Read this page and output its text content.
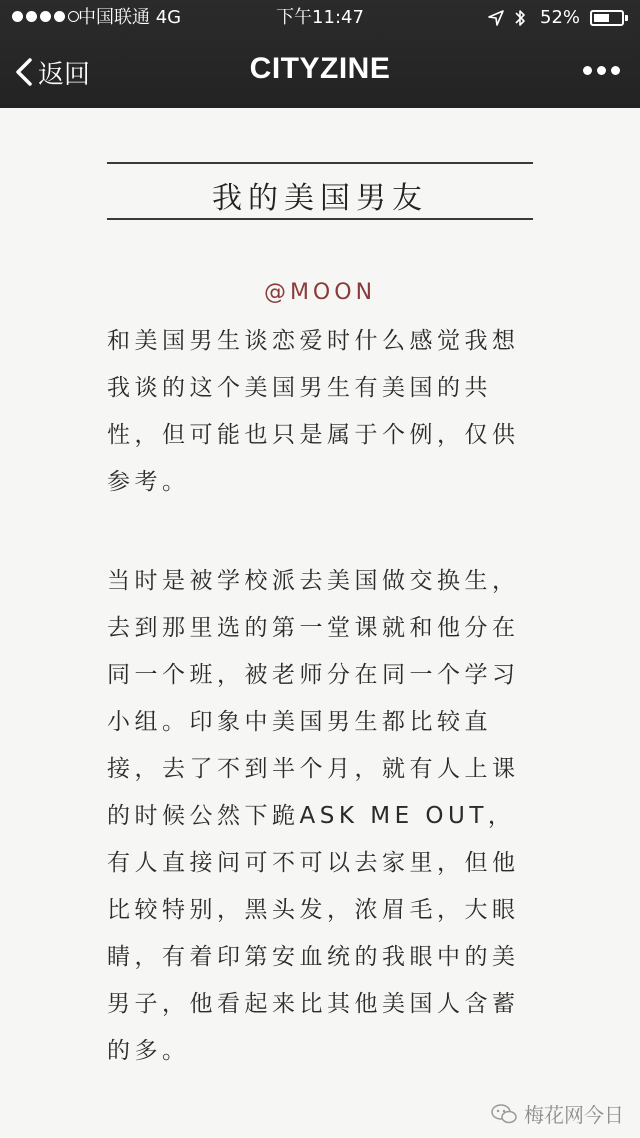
中国联通 4G	下午11:47	52%
返回	CITYZINE
我的美国男友
@MOON
和美国男生谈恋爱时什么感觉我想
我谈的这个美国男生有美国的共
性，但可能也只是属于个例，仅供
参考。
当时是被学校派去美国做交换生，
去到那里选的第一堂课就和他分在
同一个班，被老师分在同一个学习
小组。印象中美国男生都比较直
接，去了不到半个月，就有人上课
的时候公然下跪ASK ME OUT，
有人直接问可不可以去家里，但他
比较特别，黑头发，浓眉毛，大眼
睛，有着印第安血统的我眼中的美
男子，他看起来比其他美国人含蓄
的多。
梅花网今日
